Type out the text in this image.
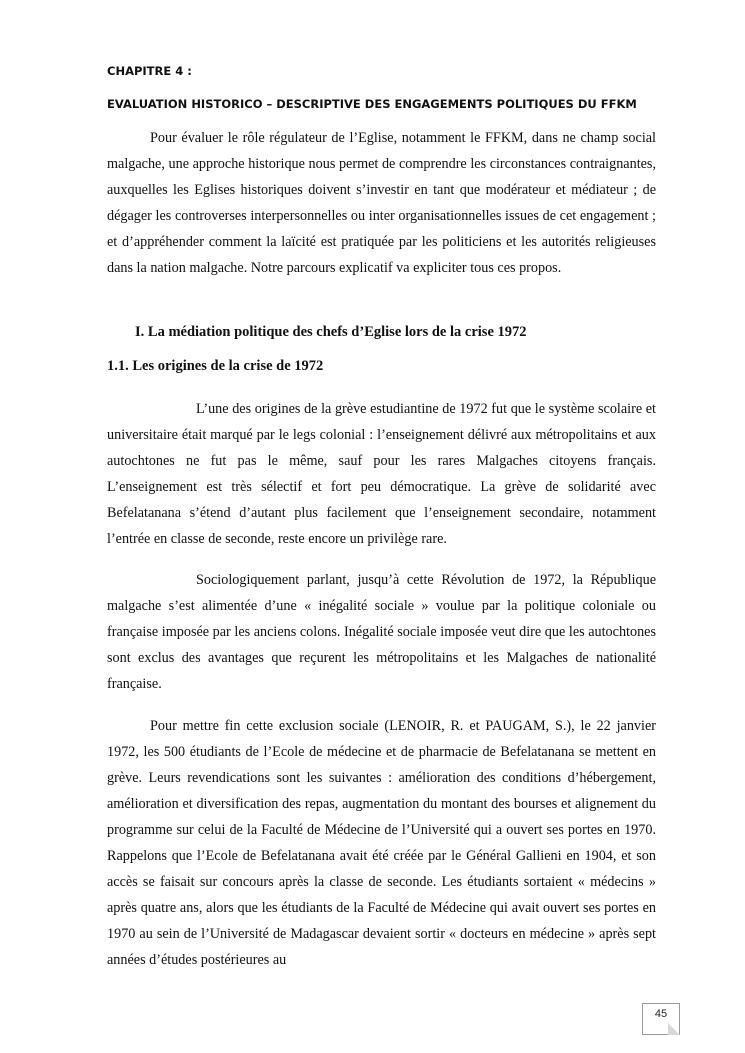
CHAPITRE 4 :
EVALUATION HISTORICO – DESCRIPTIVE DES ENGAGEMENTS POLITIQUES DU FFKM

Pour évaluer le rôle régulateur de l’Eglise, notamment le FFKM, dans ne champ social malgache, une approche historique nous permet de comprendre les circonstances contraignantes, auxquelles les Eglises historiques doivent s’investir en tant que modérateur et médiateur ; de dégager les controverses interpersonnelles ou inter organisationnelles issues de cet engagement ; et d’appréhender comment la laïcité est pratiquée par les politiciens et les autorités religieuses dans la nation malgache. Notre parcours explicatif va expliciter tous ces propos.

I. La médiation politique des chefs d’Eglise lors de la crise 1972
1.1. Les origines de la crise de 1972

L’une des origines de la grève estudiantine de 1972 fut que le système scolaire et universitaire était marqué par le legs colonial : l’enseignement délivré aux métropolitains et aux autochtones ne fut pas le même, sauf pour les rares Malgaches citoyens français. L’enseignement est très sélectif et fort peu démocratique. La grève de solidarité avec Befelatanana s’étend d’autant plus facilement que l’enseignement secondaire, notamment l’entrée en classe de seconde, reste encore un privilège rare.

Sociologiquement parlant, jusqu’à cette Révolution de 1972, la République malgache s’est alimentée d’une « inégalité sociale » voulue par la politique coloniale ou française imposée par les anciens colons. Inégalité sociale imposée veut dire que les autochtones sont exclus des avantages que reçurent les métropolitains et les Malgaches de nationalité française.

Pour mettre fin cette exclusion sociale (LENOIR, R. et PAUGAM, S.), le 22 janvier 1972, les 500 étudiants de l’Ecole de médecine et de pharmacie de Befelatanana se mettent en grève. Leurs revendications sont les suivantes : amélioration des conditions d’hébergement, amélioration et diversification des repas, augmentation du montant des bourses et alignement du programme sur celui de la Faculté de Médecine de l’Université qui a ouvert ses portes en 1970. Rappelons que l’Ecole de Befelatanana avait été créée par le Général Gallieni en 1904, et son accès se faisait sur concours après la classe de seconde. Les étudiants sortaient « médecins » après quatre ans, alors que les étudiants de la Faculté de Médecine qui avait ouvert ses portes en 1970 au sein de l’Université de Madagascar devaient sortir « docteurs en médecine » après sept années d’études postérieures au

45
